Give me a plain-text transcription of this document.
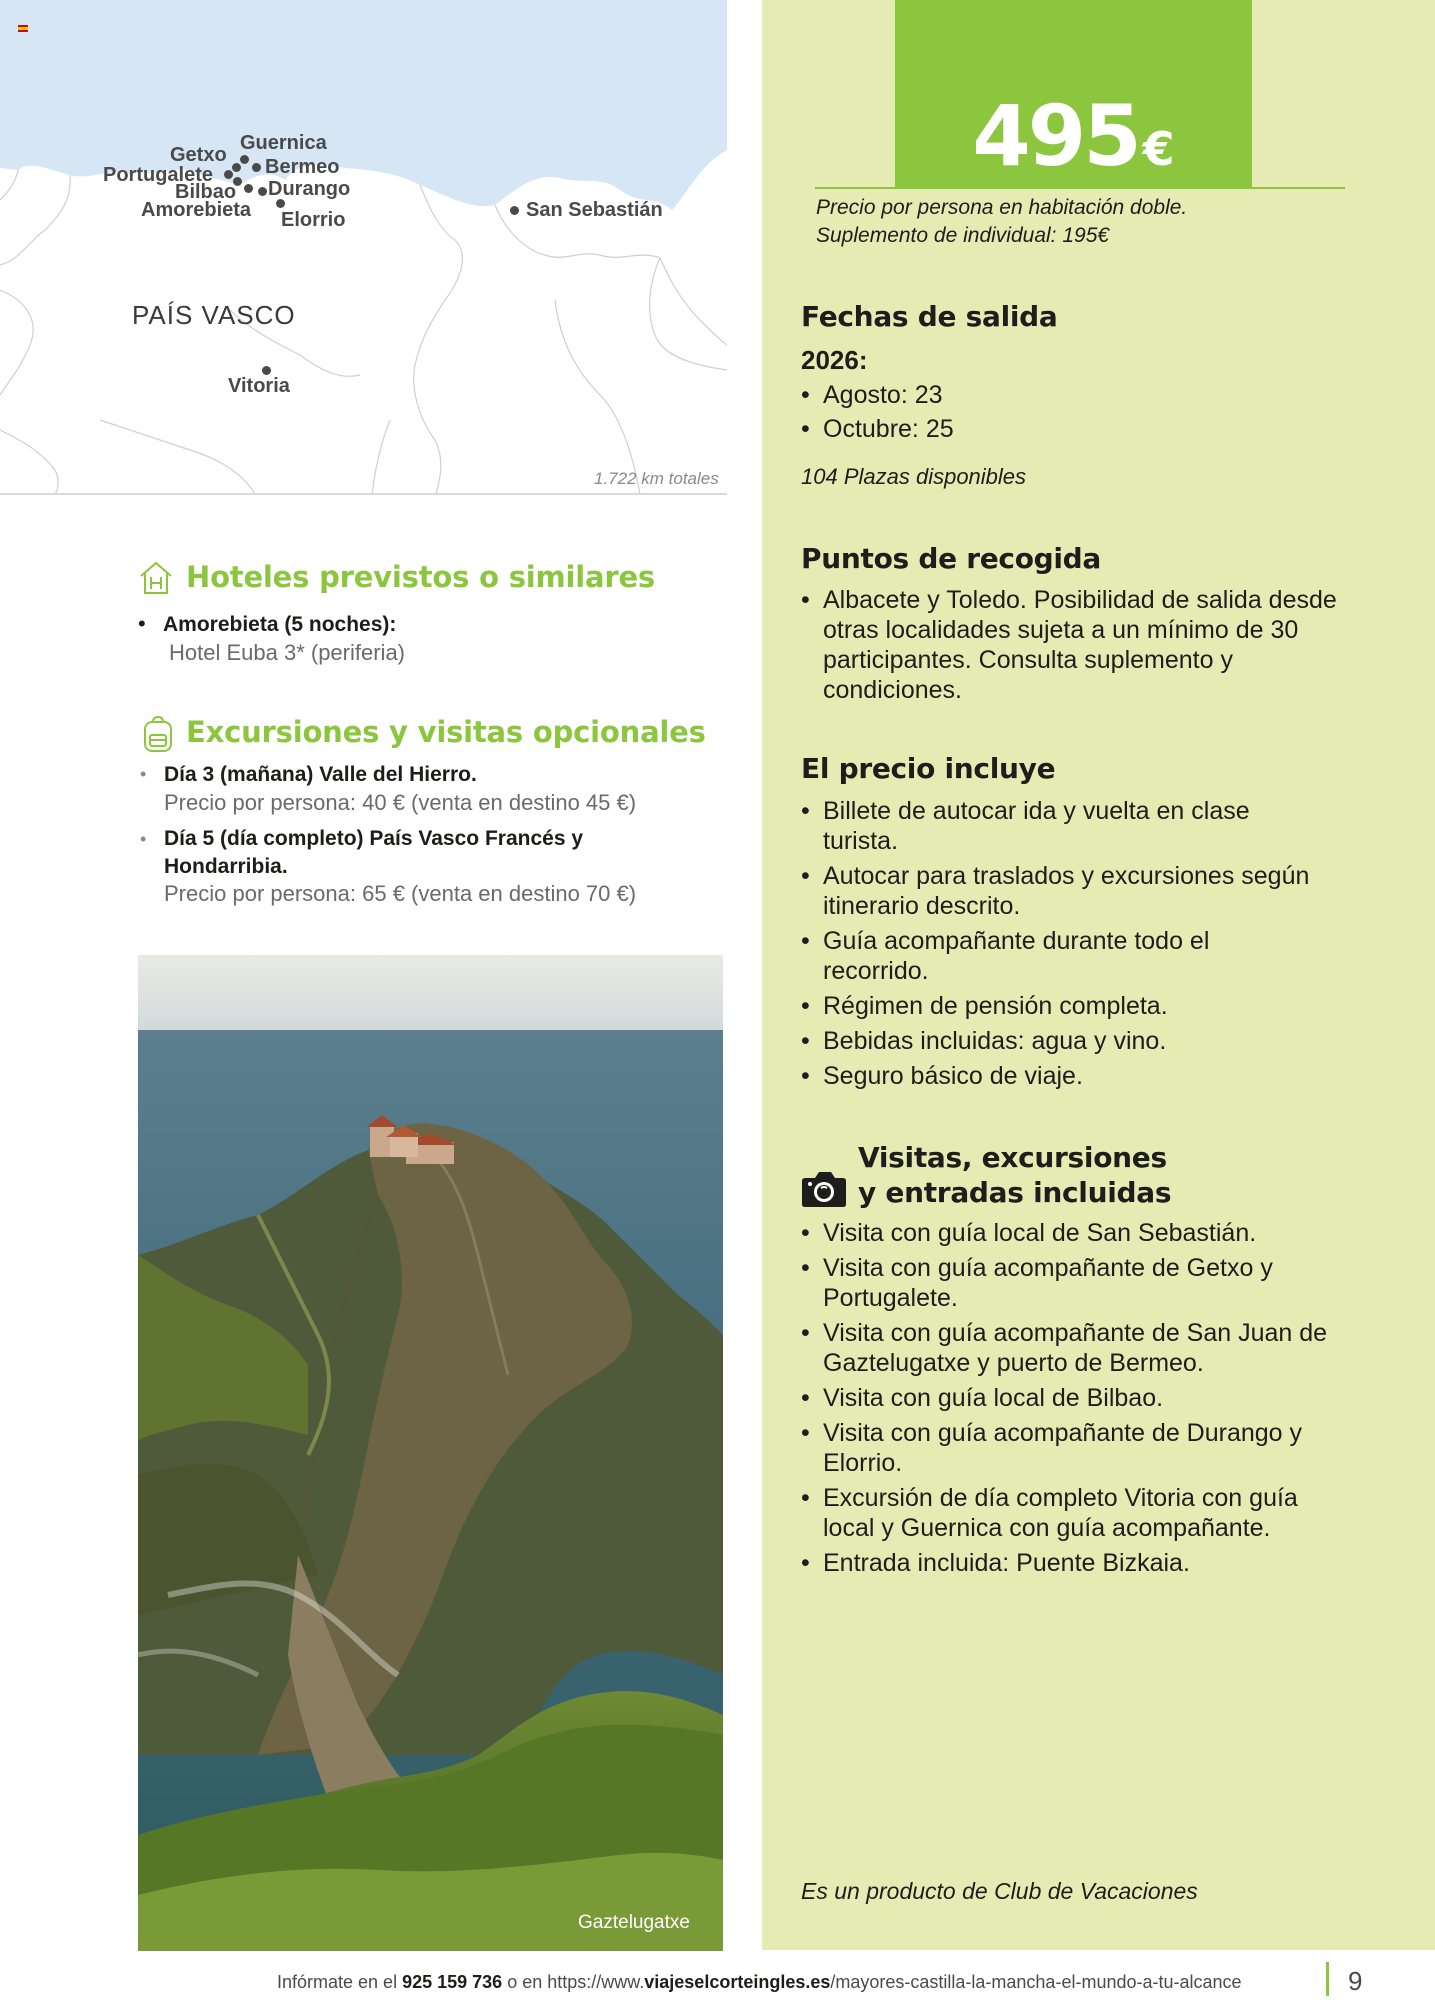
Guernica
Getxo
Bermeo
Portugalete
Bilbao Durango
Amorebieta Elorrio	San Sebastián
Vitoria
PAÍS VASCO
1.722 km totales
495€
Precio por persona en habitación doble.
Suplemento de individual: 195€
Fechas de salida
2026:
• Agosto: 23
• Octubre: 25
104 Plazas disponibles
Puntos de recogida
• Albacete y Toledo. Posibilidad de salida desde otras localidades sujeta a un mínimo de 30 participantes. Consulta suplemento y condiciones.
El precio incluye
• Billete de autocar ida y vuelta en clase turista.
• Autocar para traslados y excursiones según itinerario descrito.
• Guía acompañante durante todo el recorrido.
• Régimen de pensión completa.
• Bebidas incluidas: agua y vino.
• Seguro básico de viaje.
Visitas, excursiones
y entradas incluidas
• Visita con guía local de San Sebastián.
• Visita con guía acompañante de Getxo y Portugalete.
• Visita con guía acompañante de San Juan de Gaztelugatxe y puerto de Bermeo.
• Visita con guía local de Bilbao.
• Visita con guía acompañante de Durango y Elorrio.
• Excursión de día completo Vitoria con guía local y Guernica con guía acompañante.
• Entrada incluida: Puente Bizkaia.
Es un producto de Club de Vacaciones
Hoteles previstos o similares
• Amorebieta (5 noches):
Hotel Euba 3* (periferia)
Excursiones y visitas opcionales
• Día 3 (mañana) Valle del Hierro.
Precio por persona: 40 € (venta en destino 45 €)
• Día 5 (día completo) País Vasco Francés y
Hondarribia.
Precio por persona: 65 € (venta en destino 70 €)
Gaztelugatxe
Infórmate en el 925 159 736 o en https://www.viajeselcorteingles.es/mayores-castilla-la-mancha-el-mundo-a-tu-alcance	9
